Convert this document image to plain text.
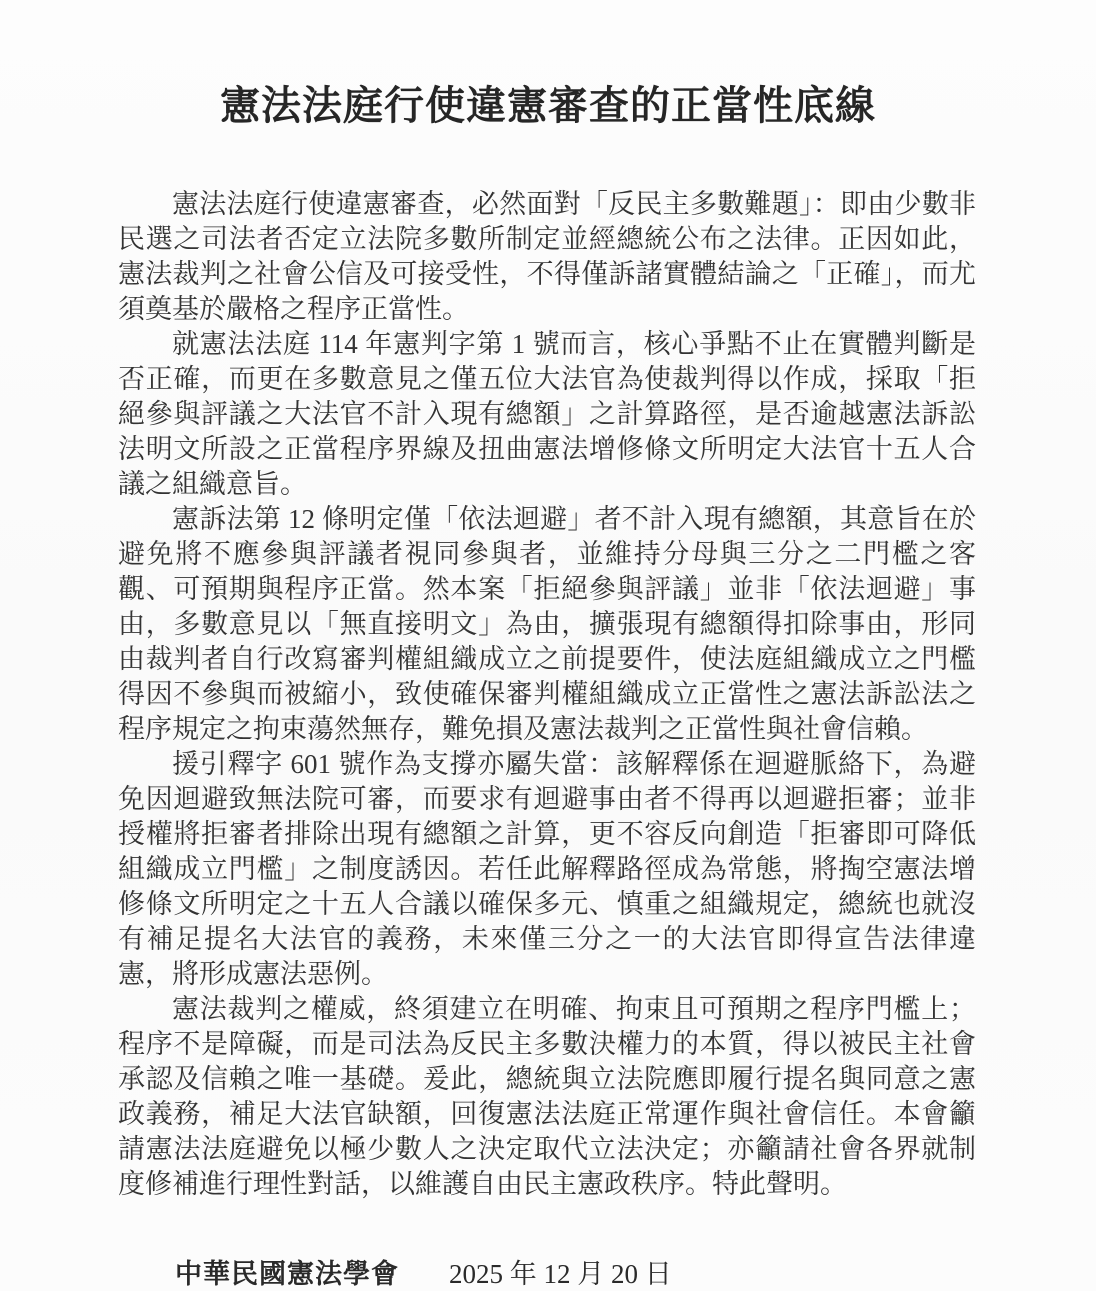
憲法法庭行使違憲審查的正當性底線

憲法法庭行使違憲審查，必然面對「反民主多數難題」：即由少數非民選之司法者否定立法院多數所制定並經總統公布之法律。正因如此，憲法裁判之社會公信及可接受性，不得僅訴諸實體結論之「正確」，而尤須奠基於嚴格之程序正當性。

就憲法法庭 114 年憲判字第 1 號而言，核心爭點不止在實體判斷是否正確，而更在多數意見之僅五位大法官為使裁判得以作成，採取「拒絕參與評議之大法官不計入現有總額」之計算路徑，是否逾越憲法訴訟法明文所設之正當程序界線及扭曲憲法增修條文所明定大法官十五人合議之組織意旨。

憲訴法第 12 條明定僅「依法迴避」者不計入現有總額，其意旨在於避免將不應參與評議者視同參與者，並維持分母與三分之二門檻之客觀、可預期與程序正當。然本案「拒絕參與評議」並非「依法迴避」事由，多數意見以「無直接明文」為由，擴張現有總額得扣除事由，形同由裁判者自行改寫審判權組織成立之前提要件，使法庭組織成立之門檻得因不參與而被縮小，致使確保審判權組織成立正當性之憲法訴訟法之程序規定之拘束蕩然無存，難免損及憲法裁判之正當性與社會信賴。

援引釋字 601 號作為支撐亦屬失當：該解釋係在迴避脈絡下，為避免因迴避致無法院可審，而要求有迴避事由者不得再以迴避拒審；並非授權將拒審者排除出現有總額之計算，更不容反向創造「拒審即可降低組織成立門檻」之制度誘因。若任此解釋路徑成為常態，將掏空憲法增修條文所明定之十五人合議以確保多元、慎重之組織規定，總統也就沒有補足提名大法官的義務，未來僅三分之一的大法官即得宣告法律違憲，將形成憲法惡例。

憲法裁判之權威，終須建立在明確、拘束且可預期之程序門檻上；程序不是障礙，而是司法為反民主多數決權力的本質，得以被民主社會承認及信賴之唯一基礎。爰此，總統與立法院應即履行提名與同意之憲政義務，補足大法官缺額，回復憲法法庭正常運作與社會信任。本會籲請憲法法庭避免以極少數人之決定取代立法決定；亦籲請社會各界就制度修補進行理性對話，以維護自由民主憲政秩序。特此聲明。

中華民國憲法學會 2025 年 12 月 20 日
